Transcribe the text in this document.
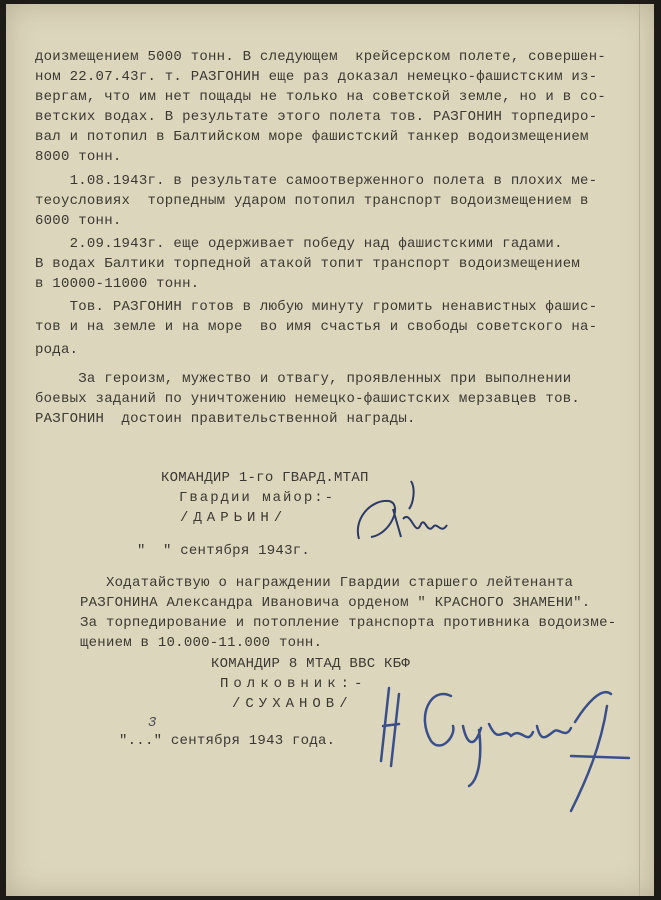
доизмещением 5000 тонн. В следующем  крейсерском полете, совершен-
ном 22.07.43г. т. РАЗГОНИН еще раз доказал немецко-фашистским из-
вергам, что им нет пощады не только на советской земле, но и в со-
ветских водах. В результате этого полета тов. РАЗГОНИН торпедиро-
вал и потопил в Балтийском море фашистский танкер водоизмещением
8000 тонн.
1.08.1943г. в результате самоотверженного полета в плохих ме-
теоусловиях  торпедным ударом потопил транспорт водоизмещением в
6000 тонн.
2.09.1943г. еще одерживает победу над фашистскими гадами.
В водах Балтики торпедной атакой топит транспорт водоизмещением
в 10000-11000 тонн.
Тов. РАЗГОНИН готов в любую минуту громить ненавистных фашис-
тов и на земле и на море  во имя счастья и свободы советского на-
рода.
За героизм, мужество и отвагу, проявленных при выполнении
боевых заданий по уничтожению немецко-фашистских мерзавцев тов.
РАЗГОНИН  достоин правительственной награды.
КОМАНДИР 1-го ГВАРД.МТАП
Гвардии майор:-
/ДАРЬИН/
"  " сентября 1943г.
Ходатайствую о награждении Гвардии старшего лейтенанта
РАЗГОНИНА Александра Ивановича орденом " КРАСНОГО ЗНАМЕНИ".
За торпедирование и потопление транспорта противника водоизме-
щением в 10.000-11.000 тонн.
КОМАНДИР 8 МТАД ВВС КБФ
Полковник:-
/СУХАНОВ/
3
"..." сентября 1943 года.
